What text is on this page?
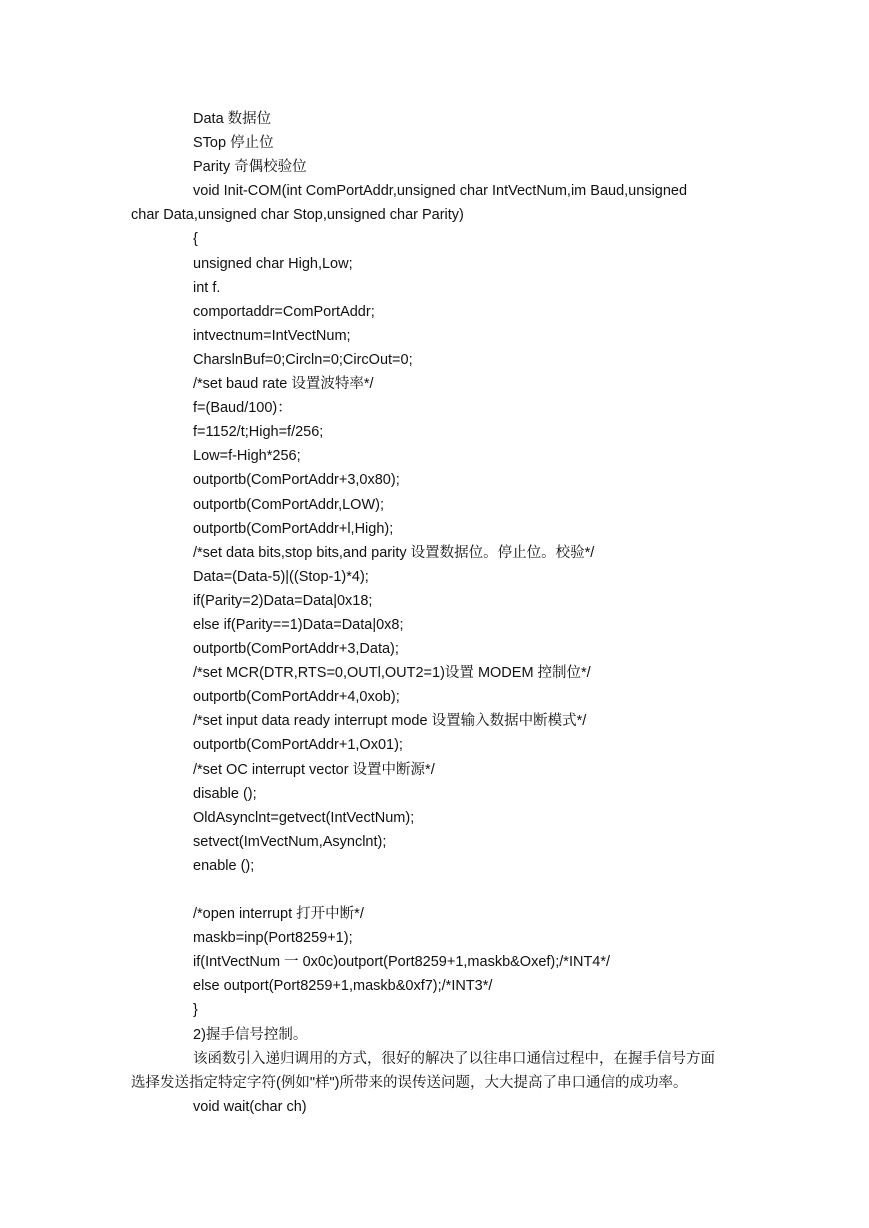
Data 数据位
STop 停止位
Parity 奇偶校验位
void Init-COM(int ComPortAddr,unsigned char IntVectNum,im Baud,unsigned
char Data,unsigned char Stop,unsigned char Parity)
{
unsigned char High,Low;
int f.
comportaddr=ComPortAddr;
intvectnum=IntVectNum;
CharslnBuf=0;Circln=0;CircOut=0;
/*set baud rate 设置波特率*/
f=(Baud/100)：
f=1152/t;High=f/256;
Low=f-High*256;
outportb(ComPortAddr+3,0x80);
outportb(ComPortAddr,LOW);
outportb(ComPortAddr+l,High);
/*set data bits,stop bits,and parity 设置数据位。停止位。校验*/
Data=(Data-5)|((Stop-1)*4);
if(Parity=2)Data=Data|0x18;
else if(Parity==1)Data=Data|0x8;
outportb(ComPortAddr+3,Data);
/*set MCR(DTR,RTS=0,OUTl,OUT2=1)设置 MODEM 控制位*/
outportb(ComPortAddr+4,0xob);
/*set input data ready interrupt mode 设置输入数据中断模式*/
outportb(ComPortAddr+1,Ox01);
/*set OC interrupt vector 设置中断源*/
disable ();
OldAsynclnt=getvect(IntVectNum);
setvect(ImVectNum,Asynclnt);
enable ();
/*open interrupt 打开中断*/
maskb=inp(Port8259+1);
if(IntVectNum 一 0x0c)outport(Port8259+1,maskb&Oxef);/*INT4*/
else outport(Port8259+1,maskb&0xf7);/*INT3*/
}
2)握手信号控制。
该函数引入递归调用的方式，很好的解决了以往串口通信过程中，在握手信号方面
选择发送指定特定字符(例如"样")所带来的误传送问题，大大提高了串口通信的成功率。
void wait(char ch)
